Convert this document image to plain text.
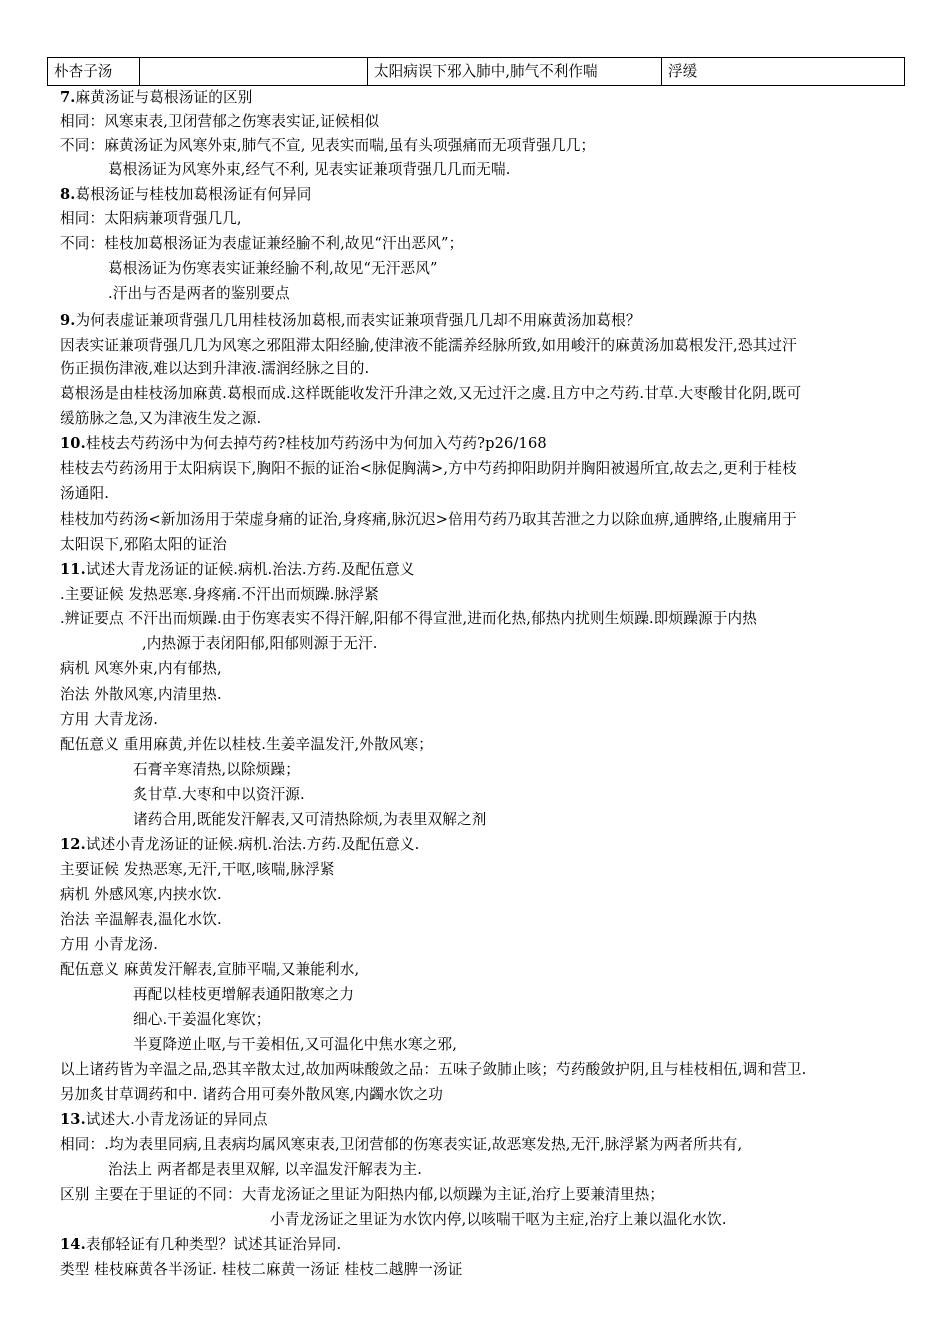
朴杏子汤		太阳病误下邪入肺中,肺气不利作喘	浮缓
7.麻黄汤证与葛根汤证的区别
相同：风寒束表,卫闭营郁之伤寒表实证,证候相似
不同：麻黄汤证为风寒外束,肺气不宣, 见表实而喘,虽有头项强痛而无项背强几几；
葛根汤证为风寒外束,经气不利, 见表实证兼项背强几几而无喘.
8.葛根汤证与桂枝加葛根汤证有何异同
相同：太阳病兼项背强几几,
不同：桂枝加葛根汤证为表虚证兼经腧不利,故见“汗出恶风”；
葛根汤证为伤寒表实证兼经腧不利,故见“无汗恶风”
.汗出与否是两者的鉴别要点
9.为何表虚证兼项背强几几用桂枝汤加葛根,而表实证兼项背强几几却不用麻黄汤加葛根？
因表实证兼项背强几几为风寒之邪阻滞太阳经腧,使津液不能濡养经脉所致,如用峻汗的麻黄汤加葛根发汗,恐其过汗
伤正损伤津液,难以达到升津液.濡润经脉之目的.
葛根汤是由桂枝汤加麻黄.葛根而成.这样既能收发汗升津之效,又无过汗之虞.且方中之芍药.甘草.大枣酸甘化阴,既可
缓筋脉之急,又为津液生发之源.
10.桂枝去芍药汤中为何去掉芍药?桂枝加芍药汤中为何加入芍药?p26/168
桂枝去芍药汤用于太阳病误下,胸阳不振的证治<脉促胸满>,方中芍药抑阳助阴并胸阳被遏所宜,故去之,更利于桂枝
汤通阳.
桂枝加芍药汤<新加汤用于荣虚身痛的证治,身疼痛,脉沉迟>倍用芍药乃取其苦泄之力以除血痹,通脾络,止腹痛用于
太阳误下,邪陷太阳的证治
11.试述大青龙汤证的证候.病机.治法.方药.及配伍意义
.主要证候 发热恶寒.身疼痛.不汗出而烦躁.脉浮紧
.辨证要点 不汗出而烦躁.由于伤寒表实不得汗解,阳郁不得宣泄,进而化热,郁热内扰则生烦躁.即烦躁源于内热
,内热源于表闭阳郁,阳郁则源于无汗.
病机 风寒外束,内有郁热,
治法 外散风寒,内清里热.
方用 大青龙汤.
配伍意义 重用麻黄,并佐以桂枝.生姜辛温发汗,外散风寒；
石膏辛寒清热,以除烦躁；
炙甘草.大枣和中以资汗源.
诸药合用,既能发汗解表,又可清热除烦,为表里双解之剂
12.试述小青龙汤证的证候.病机.治法.方药.及配伍意义.
主要证候 发热恶寒,无汗,干呕,咳喘,脉浮紧
病机 外感风寒,内挟水饮.
治法 辛温解表,温化水饮.
方用 小青龙汤.
配伍意义 麻黄发汗解表,宣肺平喘,又兼能利水,
再配以桂枝更增解表通阳散寒之力
细心.干姜温化寒饮；
半夏降逆止呕,与干姜相伍,又可温化中焦水寒之邪,
以上诸药皆为辛温之品,恐其辛散太过,故加两味酸敛之品：五味子敛肺止咳；芍药酸敛护阴,且与桂枝相伍,调和营卫.
另加炙甘草调药和中. 诸药合用可奏外散风寒,内蠲水饮之功
13.试述大.小青龙汤证的异同点
相同：.均为表里同病,且表病均属风寒束表,卫闭营郁的伤寒表实证,故恶寒发热,无汗,脉浮紧为两者所共有,
治法上 两者都是表里双解, 以辛温发汗解表为主.
区别 主要在于里证的不同：大青龙汤证之里证为阳热内郁,以烦躁为主证,治疗上要兼清里热；
小青龙汤证之里证为水饮内停,以咳喘干呕为主症,治疗上兼以温化水饮.
14.表郁轻证有几种类型？试述其证治异同.
类型 桂枝麻黄各半汤证. 桂枝二麻黄一汤证 桂枝二越脾一汤证
